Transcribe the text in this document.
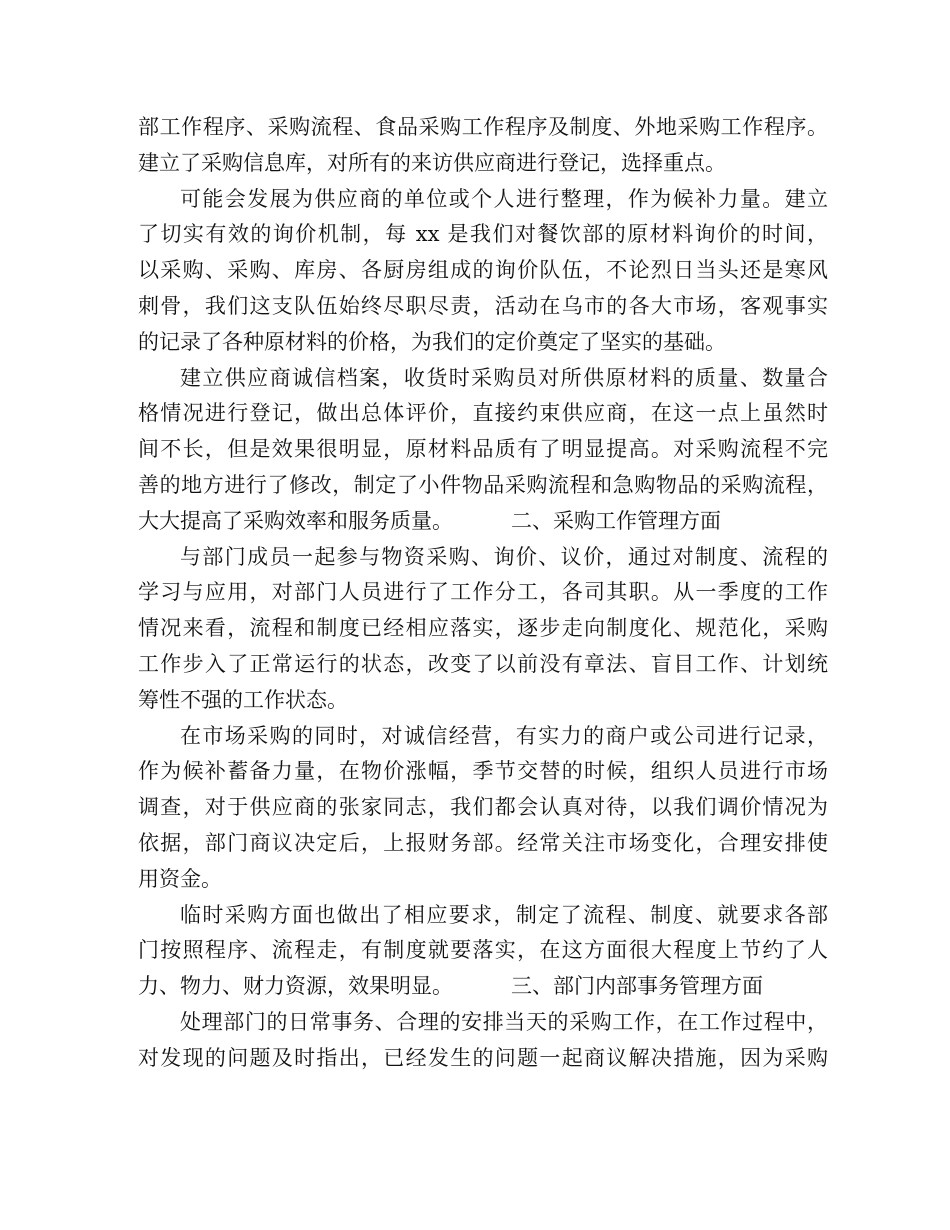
部工作程序、采购流程、食品采购工作程序及制度、外地采购工作程序。
建立了采购信息库，对所有的来访供应商进行登记，选择重点。
可能会发展为供应商的单位或个人进行整理，作为候补力量。建立
了切实有效的询价机制，每 xx 是我们对餐饮部的原材料询价的时间，
以采购、采购、库房、各厨房组成的询价队伍，不论烈日当头还是寒风
刺骨，我们这支队伍始终尽职尽责，活动在乌市的各大市场，客观事实
的记录了各种原材料的价格，为我们的定价奠定了坚实的基础。
建立供应商诚信档案，收货时采购员对所供原材料的质量、数量合
格情况进行登记，做出总体评价，直接约束供应商，在这一点上虽然时
间不长，但是效果很明显，原材料品质有了明显提高。对采购流程不完
善的地方进行了修改，制定了小件物品采购流程和急购物品的采购流程，
大大提高了采购效率和服务质量。	二、采购工作管理方面
与部门成员一起参与物资采购、询价、议价，通过对制度、流程的
学习与应用，对部门人员进行了工作分工，各司其职。从一季度的工作
情况来看，流程和制度已经相应落实，逐步走向制度化、规范化，采购
工作步入了正常运行的状态，改变了以前没有章法、盲目工作、计划统
筹性不强的工作状态。
在市场采购的同时，对诚信经营，有实力的商户或公司进行记录，
作为候补蓄备力量，在物价涨幅，季节交替的时候，组织人员进行市场
调查，对于供应商的张家同志，我们都会认真对待，以我们调价情况为
依据，部门商议决定后，上报财务部。经常关注市场变化，合理安排使
用资金。
临时采购方面也做出了相应要求，制定了流程、制度、就要求各部
门按照程序、流程走，有制度就要落实，在这方面很大程度上节约了人
力、物力、财力资源，效果明显。	三、部门内部事务管理方面
处理部门的日常事务、合理的安排当天的采购工作，在工作过程中，
对发现的问题及时指出，已经发生的问题一起商议解决措施，因为采购
